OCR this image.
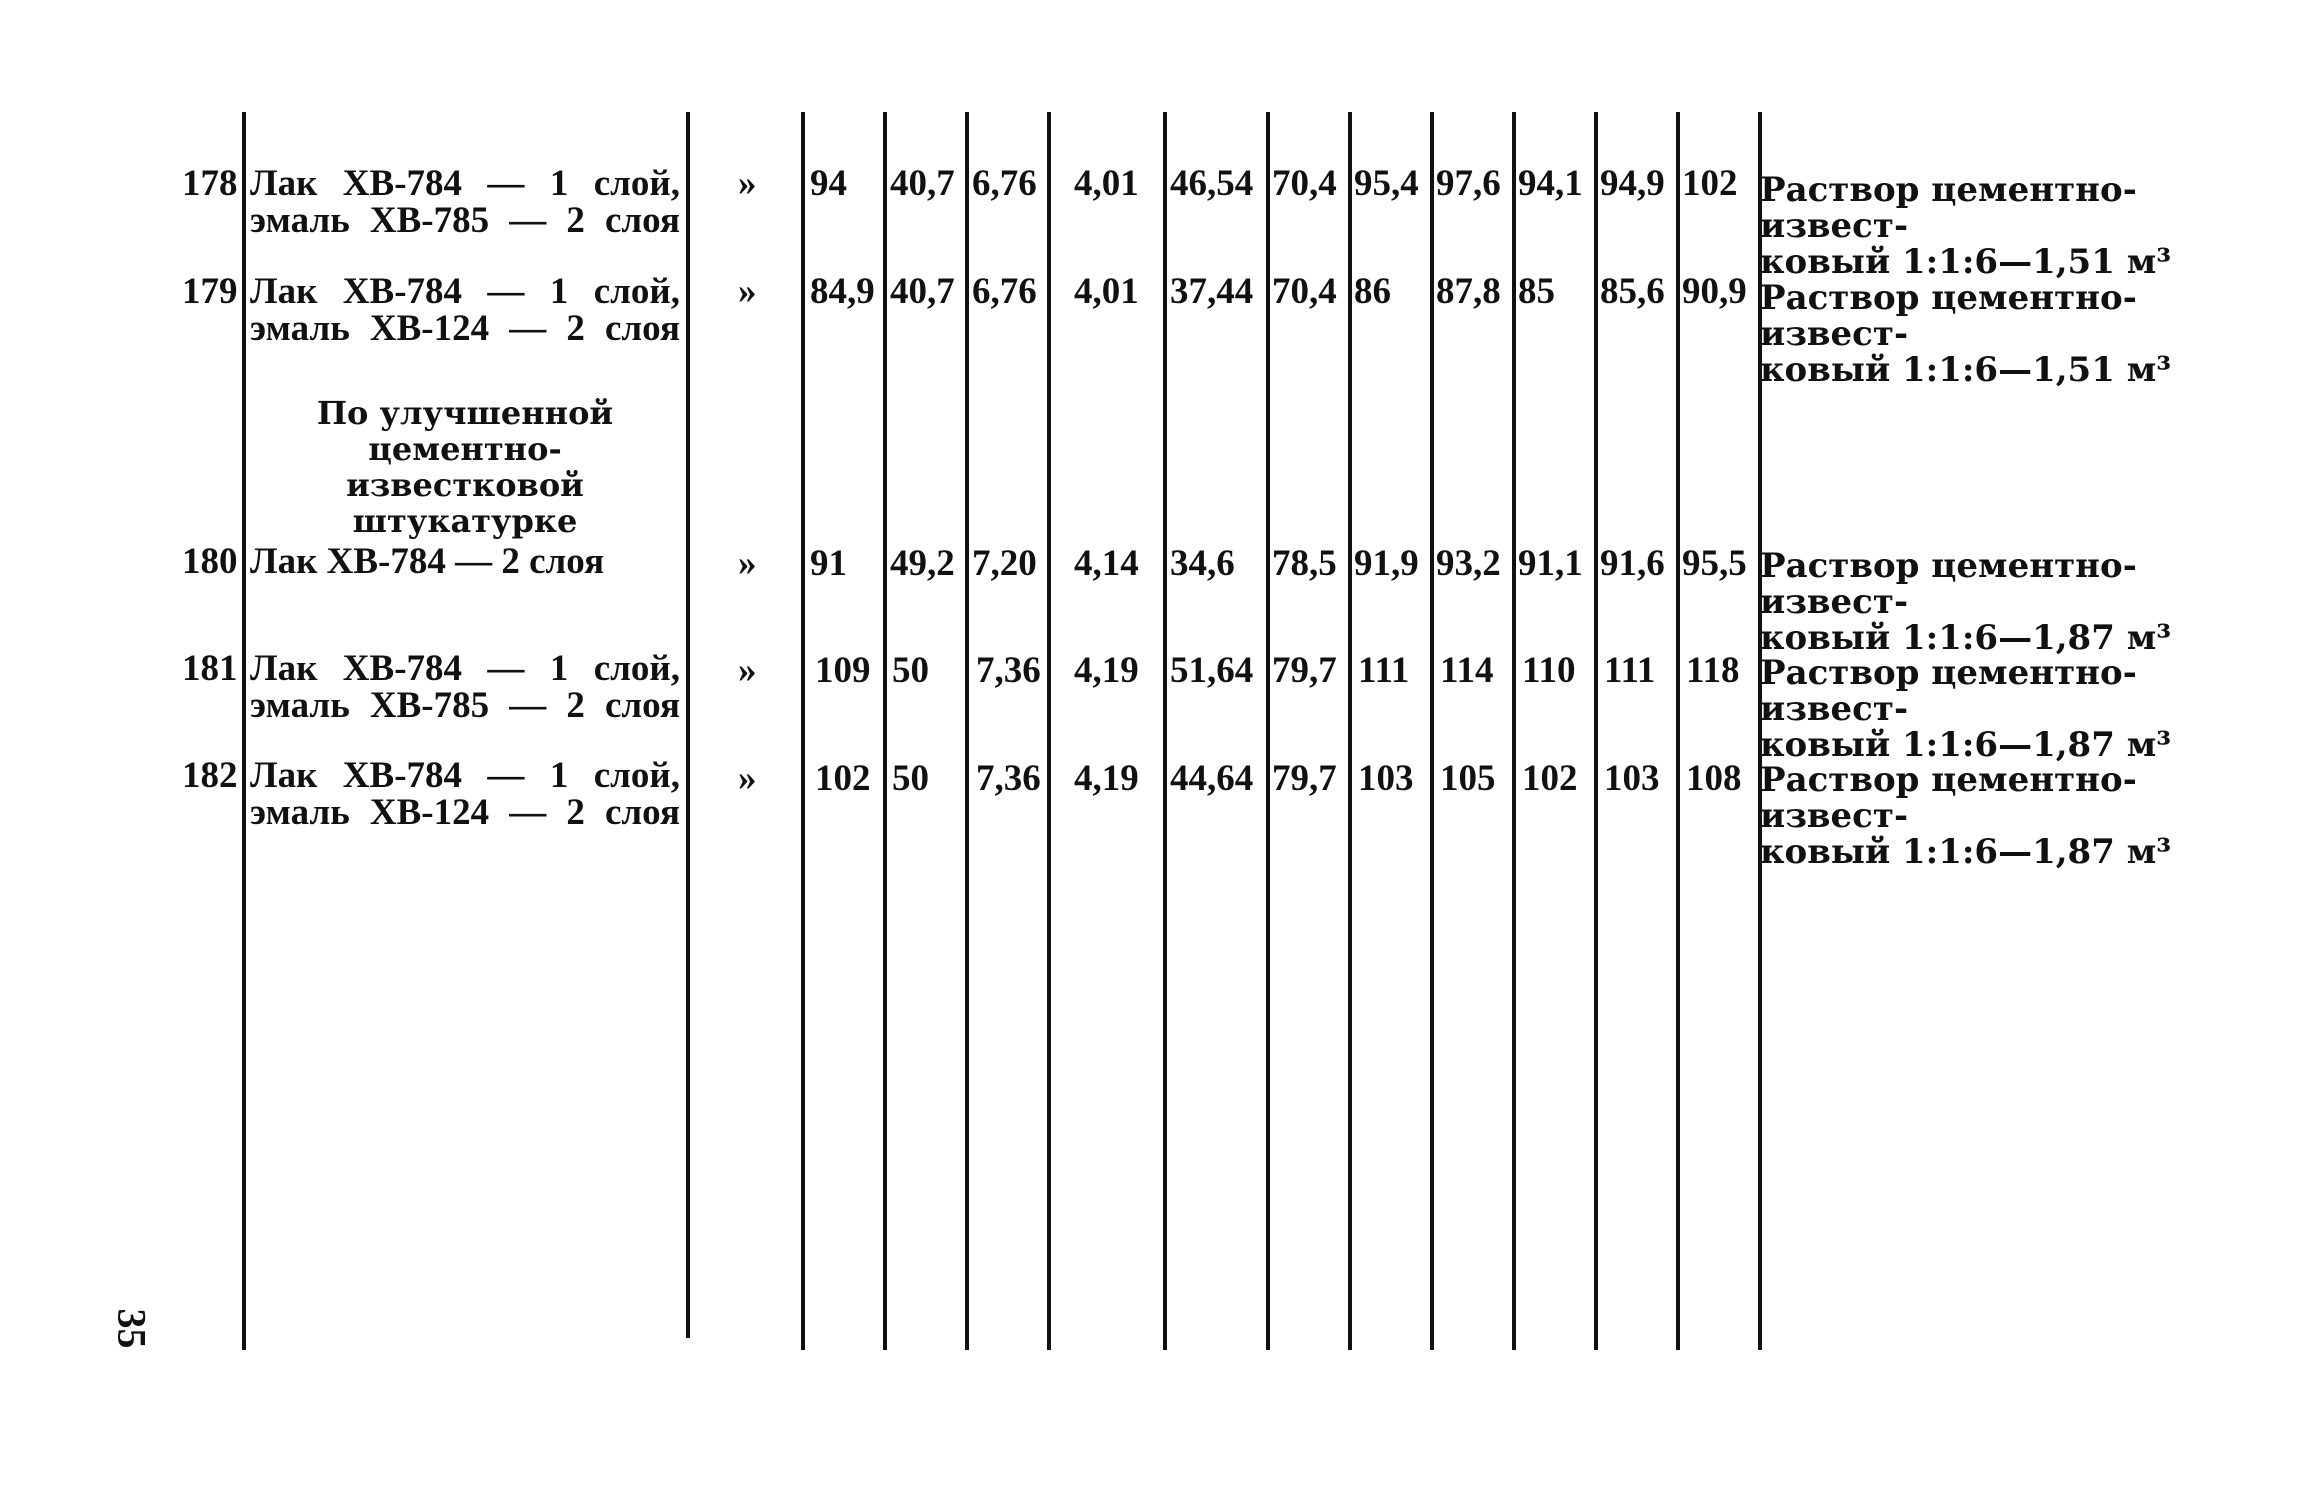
178 Лак ХВ-784 — 1 слой,
эмаль ХВ-785 — 2 слоя
» 94 40,7 6,76 4,01 46,54 70,4 95,4 97,6 94,1 94,9 102 Раствор цементно-извест-
ковый 1:1:6—1,51 м³
179 Лак ХВ-784 — 1 слой,
эмаль ХВ-124 — 2 слоя
» 84,9 40,7 6,76 4,01 37,44 70,4 86 87,8 85 85,6 90,9 Раствор цементно-извест-
ковый 1:1:6—1,51 м³
По улучшенной
цементно-известковой
штукатурке
180 Лак ХВ-784 — 2 слоя	» 91 49,2 7,20 4,14 34,6 78,5 91,9 93,2 91,1 91,6 95,5 Раствор цементно-извест-
ковый 1:1:6—1,87 м³
181 Лак ХВ-784 — 1 слой,
эмаль ХВ-785 — 2 слоя
» 109 50 7,36 4,19 51,64 79,7 111 114 110 111 118 Раствор цементно-извест-
ковый 1:1:6—1,87 м³
182 Лак ХВ-784 — 1 слой,
эмаль ХВ-124 — 2 слоя
» 102 50 7,36 4,19 44,64 79,7 103 105 102 103 108 Раствор цементно-извест-
ковый 1:1:6—1,87 м³
35
